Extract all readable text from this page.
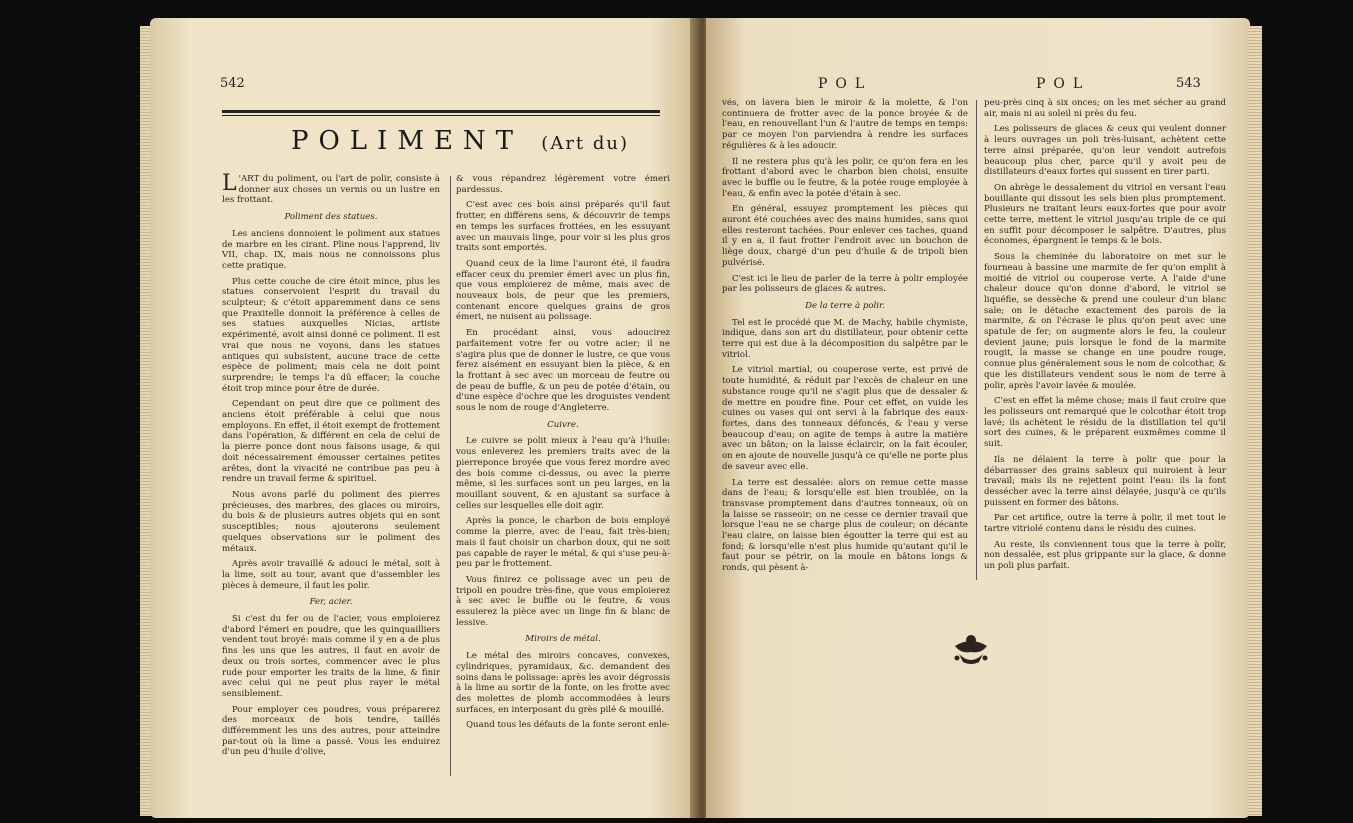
542
POLIMENT (Art du)

L 'ART du poliment, ou l'art de polir, consiste à donner aux choses un vernis ou un lustre en les frottant.

Poliment des statues.

Les anciens donnoient le poliment aux statues de marbre en les cirant. Pline nous l'apprend, liv VII, chap. IX, mais nous ne connoissons plus cette pratique.

Plus cette couche de cire étoit mince, plus les statues conservoient l'esprit du travail du sculpteur; & c'étoit apparemment dans ce sens que Praxitelle donnoit la préférence à celles de ses statues auxquelles Nicias, artiste expérimenté, avoit ainsi donné ce poliment. Il est vrai que nous ne voyons, dans les statues antiques qui subsistent, aucune trace de cette espèce de poliment; mais cela ne doit point surprendre; le temps l'a dû effacer; la couche étoit trop mince pour être de durée.

Cependant on peut dire que ce poliment des anciens étoit préférable à celui que nous employons. En effet, il étoit exempt de frottement dans l'opération, & différent en cela de celui de la pierre ponce dont nous faisons usage, & qui doit nécessairement émousser certaines petites arêtes, dont la vivacité ne contribue pas peu à rendre un travail ferme & spirituel.

Nous avons parlé du poliment des pierres précieuses, des marbres, des glaces ou miroirs, du bois & de plusieurs autres objets qui en sont susceptibles; nous ajouterons seulement quelques observations sur le poliment des métaux.

Après avoir travaillé & adouci le métal, soit à la lime, soit au tour, avant que d'assembler les pièces à demeure, il faut les polir.

Fer, acier.

Si c'est du fer ou de l'acier, vous emploierez d'abord l'émeri en poudre, que les quinquailliers vendent tout broyé: mais comme il y en a de plus fins les uns que les autres, il faut en avoir de deux ou trois sortes, commencer avec le plus rude pour emporter les traits de la lime, & finir avec celui qui ne peut plus rayer le métal sensiblement.

Pour employer ces poudres, vous préparerez des morceaux de bois tendre, taillés différemment les uns des autres, pour atteindre par-tout où la lime a passé. Vous les enduirez d'un peu d'huile d'olive,

& vous répandrez légèrement votre émeri pardessus.

C'est avec ces bois ainsi préparés qu'il faut frotter, en différens sens, & découvrir de temps en temps les surfaces frottées, en les essuyant avec un mauvais linge, pour voir si les plus gros traits sont emportés.

Quand ceux de la lime l'auront été, il faudra effacer ceux du premier émeri avec un plus fin, que vous emploierez de même, mais avec de nouveaux bois, de peur que les premiers, contenant encore quelques grains de gros émeri, ne nuisent au polissage.

En procédant ainsi, vous adoucirez parfaitement votre fer ou votre acier; il ne s'agira plus que de donner le lustre, ce que vous ferez aisément en essuyant bien la pièce, & en la frottant à sec avec un morceau de feutre ou de peau de buffle, & un peu de potée d'étain, ou d'une espèce d'ochre que les droguistes vendent sous le nom de rouge d'Angleterre.

Cuivre.

Le cuivre se polit mieux à l'eau qu'à l'huile: vous enleverez les premiers traits avec de la pierreponce broyée que vous ferez mordre avec des bois comme ci-dessus, ou avec la pierre même, si les surfaces sont un peu larges, en la mouillant souvent, & en ajustant sa surface à celles sur lesquelles elle doit agir.

Après la ponce, le charbon de bois employé comme la pierre, avec de l'eau, fait très-bien; mais il faut choisir un charbon doux, qui ne soit pas capable de rayer le métal, & qui s'use peu-à-peu par le frottement.

Vous finirez ce polissage avec un peu de tripoli en poudre très-fine, que vous emploierez à sec avec le buffle ou le feutre, & vous essuierez la pièce avec un linge fin & blanc de lessive.

Miroirs de métal.

Le métal des miroirs concaves, convexes, cylindriques, pyramidaux, &c. demandent des soins dans le polissage: après les avoir dégrossis à la lime au sortir de la fonte, on les frotte avec des molettes de plomb accommodées à leurs surfaces, en interposant du grès pilé & mouillé.

Quand tous les défauts de la fonte seront enle-

POL	POL	543

vés, on lavera bien le miroir & la molette, & l'on continuera de frotter avec de la ponce broyée & de l'eau, en renouvellant l'un & l'autre de temps en temps: par ce moyen l'on parviendra à rendre les surfaces régulières & à les adoucir.

Il ne restera plus qu'à les polir, ce qu'on fera en les frottant d'abord avec le charbon bien choisi, ensuite avec le buffle ou le feutre, & la potée rouge employée à l'eau, & enfin avec la potée d'étain à sec.

En général, essuyez promptement les pièces qui auront été couchées avec des mains humides, sans quoi elles resteront tachées. Pour enlever ces taches, quand il y en a, il faut frotter l'endroit avec un bouchon de liège doux, chargé d'un peu d'huile & de tripoli bien pulvérisé.

C'est ici le lieu de parler de la terre à polir employée par les polisseurs de glaces & autres.

De la terre à polir.

Tel est le procédé que M. de Machy, habile chymiste, indique, dans son art du distillateur, pour obtenir cette terre qui est due à la décomposition du salpêtre par le vitriol.

Le vitriol martial, ou couperose verte, est privé de toute humidité, & réduit par l'excès de chaleur en une substance rouge qu'il ne s'agit plus que de dessaler & de mettre en poudre fine. Pour cet effet, on vuide les cuines ou vases qui ont servi à la fabrique des eaux-fortes, dans des tonneaux défoncés, & l'eau y verse beaucoup d'eau; on agite de temps à autre la matière avec un bâton; on la laisse éclaircir, on la fait écouler, on en ajoute de nouvelle jusqu'à ce qu'elle ne porte plus de saveur avec elle.

La terre est dessalée: alors on remue cette masse dans de l'eau; & lorsqu'elle est bien troublée, on la transvase promptement dans d'autres tonneaux, où on la laisse se rasseoir; on ne cesse ce dernier travail que lorsque l'eau ne se charge plus de couleur; on décante l'eau claire, on laisse bien égoutter la terre qui est au fond; & lorsqu'elle n'est plus humide qu'autant qu'il le faut pour se pétrir, on la moule en bâtons longs & ronds, qui pèsent à-

peu-près cinq à six onces; on les met sécher au grand air, mais ni au soleil ni près du feu.

Les polisseurs de glaces & ceux qui veulent donner à leurs ouvrages un poli très-luisant, achètent cette terre ainsi préparée, qu'on leur vendoit autrefois beaucoup plus cher, parce qu'il y avoit peu de distillateurs d'eaux fortes qui sussent en tirer parti.

On abrège le dessalement du vitriol en versant l'eau bouillante qui dissout les sels bien plus promptement. Plusieurs ne traitant leurs eaux-fortes que pour avoir cette terre, mettent le vitriol jusqu'au triple de ce qui en suffit pour décomposer le salpêtre. D'autres, plus économes, épargnent le temps & le bois.

Sous la cheminée du laboratoire on met sur le fourneau à bassine une marmite de fer qu'on emplit à moitié de vitriol ou couperose verte. A l'aide d'une chaleur douce qu'on donne d'abord, le vitriol se liquéfie, se dessèche & prend une couleur d'un blanc sale; on le détache exactement des parois de la marmite, & on l'écrase le plus qu'on peut avec une spatule de fer; on augmente alors le feu, la couleur devient jaune; puis lorsque le fond de la marmite rougit, la masse se change en une poudre rouge, connue plus généralement sous le nom de colcothar, & que les distillateurs vendent sous le nom de terre à polir, après l'avoir lavée & moulée.

C'est en effet la même chose; mais il faut croire que les polisseurs ont remarqué que le colcothar étoit trop lavé; ils achètent le résidu de la distillation tel qu'il sort des cuines, & le préparent euxmêmes comme il suit.

Ils ne délaient la terre à polir que pour la débarrasser des grains sableux qui nuiroient à leur travail; mais ils ne rejettent point l'eau: ils la font dessécher avec la terre ainsi délayée, jusqu'à ce qu'ils puissent en former des bâtons.

Par cet artifice, outre la terre à polir, il met tout le tartre vitriolé contenu dans le résidu des cuines.

Au reste, ils conviennent tous que la terre à polir, non dessalée, est plus grippante sur la glace, & donne un poli plus parfait.
